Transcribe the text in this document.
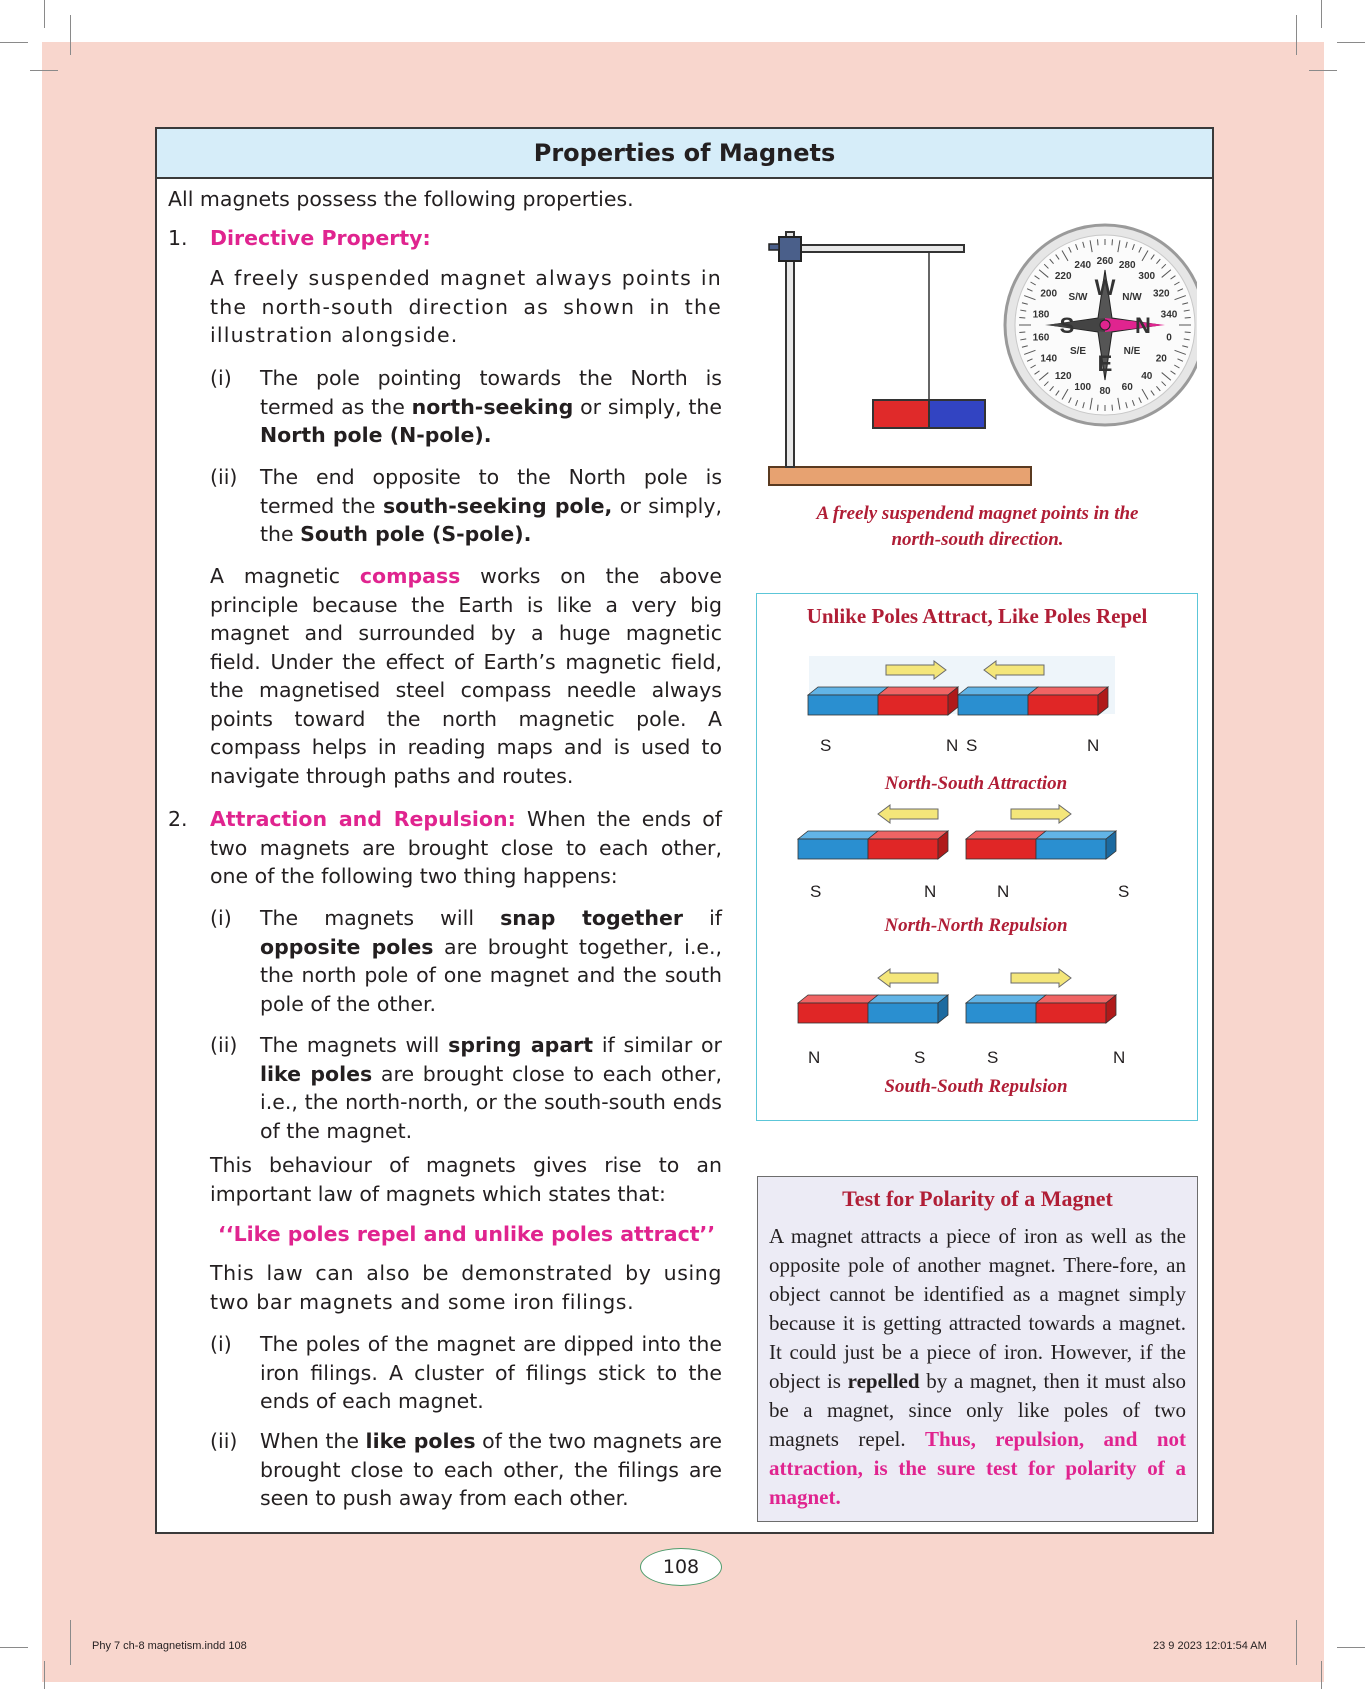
Properties of Magnets

All magnets possess the following properties.

1. Directive Property:
A freely suspended magnet always points in the north-south direction as shown in the illustration alongside.
(i) The pole pointing towards the North is termed as the north-seeking or simply, the North pole (N-pole).
(ii) The end opposite to the North pole is termed the south-seeking pole, or simply, the South pole (S-pole).
A magnetic compass works on the above principle because the Earth is like a very big magnet and surrounded by a huge magnetic field. Under the effect of Earth’s magnetic field, the magnetised steel compass needle always points toward the north magnetic pole. A compass helps in reading maps and is used to navigate through paths and routes.
2. Attraction and Repulsion: When the ends of two magnets are brought close to each other, one of the following two thing happens:
(i) The magnets will snap together if opposite poles are brought together, i.e., the north pole of one magnet and the south pole of the other.
(ii) The magnets will spring apart if similar or like poles are brought close to each other, i.e., the north-north, or the south-south ends of the magnet.
This behaviour of magnets gives rise to an important law of magnets which states that:
‘‘Like poles repel and unlike poles attract’’
This law can also be demonstrated by using two bar magnets and some iron filings.
(i) The poles of the magnet are dipped into the iron filings. A cluster of filings stick to the ends of each magnet.
(ii) When the like poles of the two magnets are brought close to each other, the filings are seen to push away from each other.
260 280
300
320
340
0
20
40
60
80
100
120
140
160
180
200
220
240
W
S
E
N
S/W	N/W
S/E	N/E
A freely suspendend magnet points in the
north-south direction.
Unlike Poles Attract, Like Poles Repel
S	N S	N
North-South Attraction
S	N	N	S
North-North Repulsion
N	S	S	N
South-South Repulsion
Test for Polarity of a Magnet
A magnet attracts a piece of iron as well as the opposite pole of another magnet. There-fore, an object cannot be identified as a magnet simply because it is getting attracted towards a magnet. It could just be a piece of iron. However, if the object is repelled by a magnet, then it must also be a magnet, since only like poles of two magnets repel. Thus, repulsion, and not attraction, is the sure test for polarity of a magnet.
108
Phy 7 ch-8 magnetism.indd 108	23 9 2023 12:01:54 AM
